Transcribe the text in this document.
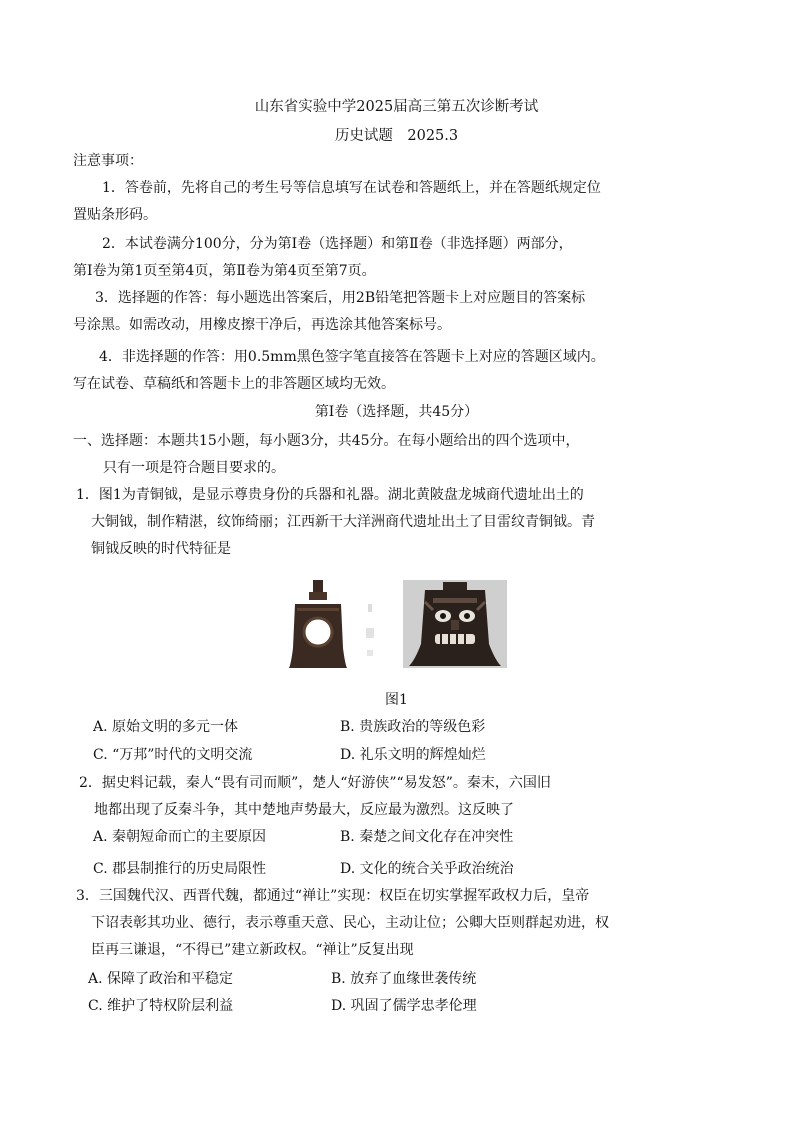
山东省实验中学2025届高三第五次诊断考试
历史试题　2025.3
注意事项：
1．答卷前，先将自己的考生号等信息填写在试卷和答题纸上，并在答题纸规定位
置贴条形码。
2．本试卷满分100分，分为第Ⅰ卷（选择题）和第Ⅱ卷（非选择题）两部分，
第Ⅰ卷为第1页至第4页，第Ⅱ卷为第4页至第7页。
3．选择题的作答：每小题选出答案后，用2B铅笔把答题卡上对应题目的答案标
号涂黑。如需改动，用橡皮擦干净后，再选涂其他答案标号。
4．非选择题的作答：用0.5mm黑色签字笔直接答在答题卡上对应的答题区域内。
写在试卷、草稿纸和答题卡上的非答题区域均无效。
第Ⅰ卷（选择题，共45分）
一、选择题：本题共15小题，每小题3分，共45分。在每小题给出的四个选项中，
只有一项是符合题目要求的。
1．图1为青铜钺，是显示尊贵身份的兵器和礼器。湖北黄陂盘龙城商代遗址出土的
大铜钺，制作精湛，纹饰绮丽；江西新干大洋洲商代遗址出土了目雷纹青铜钺。青
铜钺反映的时代特征是
图1
A. 原始文明的多元一体	B. 贵族政治的等级色彩
C. “万邦”时代的文明交流	D. 礼乐文明的辉煌灿烂
2．据史料记载，秦人“畏有司而顺”，楚人“好游侠”“易发怒”。秦末，六国旧
地都出现了反秦斗争，其中楚地声势最大，反应最为激烈。这反映了
A. 秦朝短命而亡的主要原因	B. 秦楚之间文化存在冲突性
C. 郡县制推行的历史局限性	D. 文化的统合关乎政治统治
3．三国魏代汉、西晋代魏，都通过“禅让”实现：权臣在切实掌握军政权力后，皇帝
下诏表彰其功业、德行，表示尊重天意、民心，主动让位；公卿大臣则群起劝进，权
臣再三谦退，“不得已”建立新政权。“禅让”反复出现
A. 保障了政治和平稳定	B. 放弃了血缘世袭传统
C. 维护了特权阶层利益	D. 巩固了儒学忠孝伦理
